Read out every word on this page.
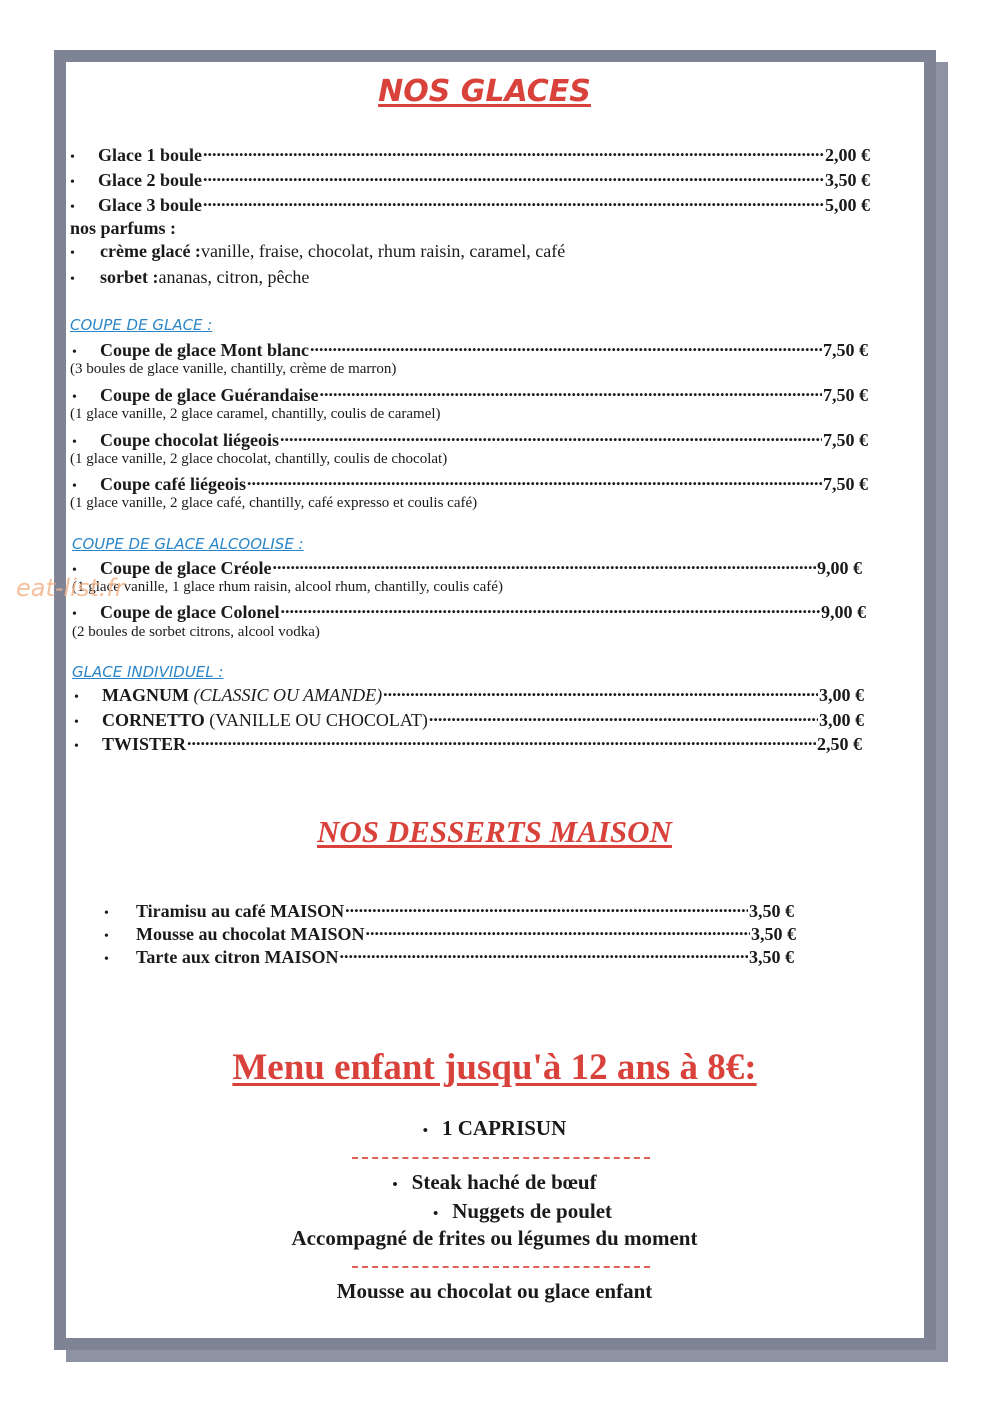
eat-list.fr
NOS GLACES
•	Glace 1 boule .....	2,00 €
•	Glace 2 boule .....	3,50 €
•	Glace 3 boule .....	5,00 €
nos parfums :
• crème glacé :vanille, fraise, chocolat, rhum raisin, caramel, café
• sorbet :ananas, citron, pêche
COUPE DE GLACE :
•	Coupe de glace Mont blanc .....	7,50 €
(3 boules de glace vanille, chantilly, crème de marron)
•	Coupe de glace Guérandaise .....	7,50 €
(1 glace vanille, 2 glace caramel, chantilly, coulis de caramel)
•	Coupe chocolat liégeois .....	7,50 €
(1 glace vanille, 2 glace chocolat, chantilly, coulis de chocolat)
•	Coupe café liégeois .....	7,50 €
(1 glace vanille, 2 glace café, chantilly, café expresso et coulis café)
COUPE DE GLACE ALCOOLISE :
•	Coupe de glace Créole .....	9,00 €
(1 glace vanille, 1 glace rhum raisin, alcool rhum, chantilly, coulis café)
•	Coupe de glace Colonel .....	9,00 €
(2 boules de sorbet citrons, alcool vodka)
GLACE INDIVIDUEL :
•	MAGNUM (CLASSIC OU AMANDE) .....	3,00 €
•	CORNETTO (VANILLE OU CHOCOLAT) .....	3,00 €
•	TWISTER .....	2,50 €
NOS DESSERTS MAISON
•	Tiramisu au café MAISON .....	3,50 €
•	Mousse au chocolat MAISON .....	3,50 €
•	Tarte aux citron MAISON .....	3,50 €
Menu enfant jusqu'à 12 ans à 8€:
• 1 CAPRISUN
• Steak haché de bœuf
• Nuggets de poulet
Accompagné de frites ou légumes du moment
Mousse au chocolat ou glace enfant
